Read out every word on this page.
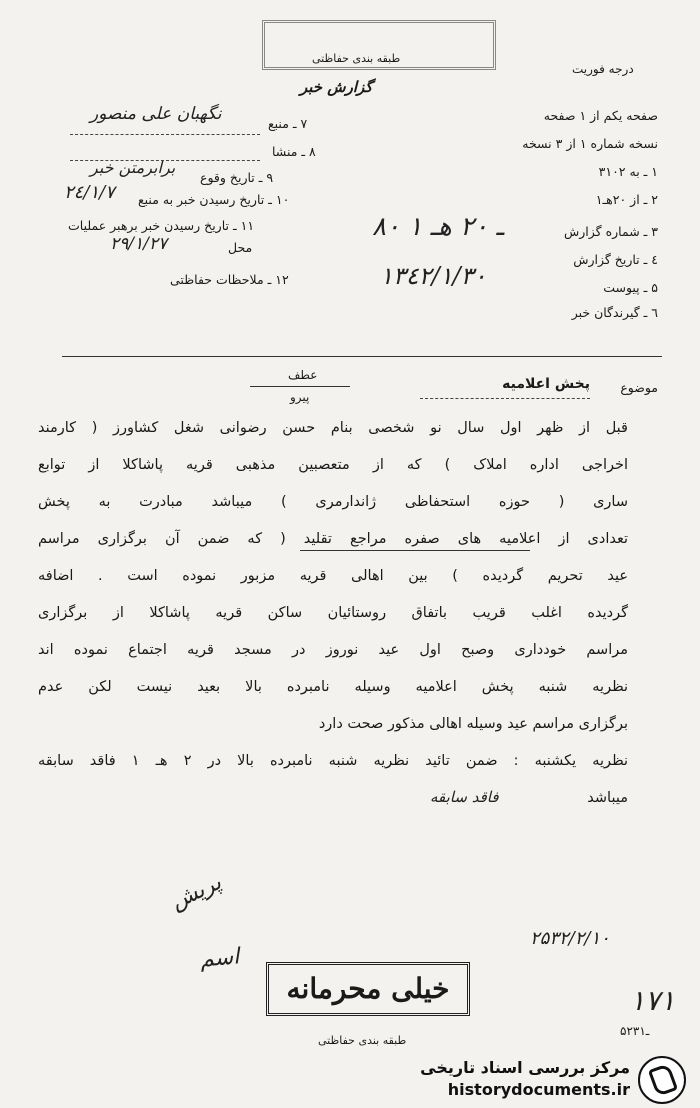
طبقه بندی حفاظتی
گزارش خبر
درجه فوریت
صفحه یکم از ۱ صفحه
نسخه شماره ۱ از ۳ نسخه
۱ ـ به ۳۱۰۲
۲ ـ از ۲۰هـ۱
۳ ـ شماره گزارش
٤ ـ تاریخ گزارش
۵ ـ پیوست
٦ ـ گیرندگان خبر
۷ ـ منبع
۸ ـ منشا
۹ ـ تاریخ وقوع
۱۰ ـ تاریخ رسیدن خبر به منبع
۱۱ ـ تاریخ رسیدن خبر برهبر عملیات
محل
۱۲ ـ ملاحظات حفاظتی
نگهبان علی منصور
برابرمتن خبر
۲٤/۱/۷
۲۹/۱/۲۷
۸۰ ـ ۲۰ هـ ۱
۱۳٤۲/۱/۳۰
عطف
پیرو
موضوع
پخش اعلامیه
قبل از ظهر اول سال نو شخصی بنام حسن رضوانی شغل کشاورز ( کارمند
اخراجی اداره املاک ) که از متعصبین مذهبی قریه پاشاکلا از توابع
ساری ( حوزه استحفاظی ژاندارمری ) میباشد مبادرت به پخش
تعدادی از اعلامیه های صفره مراجع تقلید ( که ضمن آن برگزاری مراسم
عید تحریم گردیده ) بین اهالی قریه مزبور نموده است . اضافه
گردیده اغلب قریب باتفاق روستائیان ساکن قریه پاشاکلا از برگزاری
مراسم خودداری وصبح اول عید نوروز در مسجد قریه اجتماع نموده اند
نظریه شنبه پخش اعلامیه وسیله نامبرده بالا بعید نیست لکن عدم
برگزاری مراسم عید وسیله اهالی مذکور صحت دارد
نظریه یکشنبه : ضمن تائید نظریه شنبه نامبرده بالا در ۲ هـ ۱ فاقد سابقه
میباشد
فاقد سابقه
پریش
اسم
۲۵۳۲/۲/۱۰
۱۷۱
خیلی محرمانه
طبقه بندی حفاظتی
۵۲ـ۳۱
مرکز بررسی اسناد تاریخی
historydocuments.ir
